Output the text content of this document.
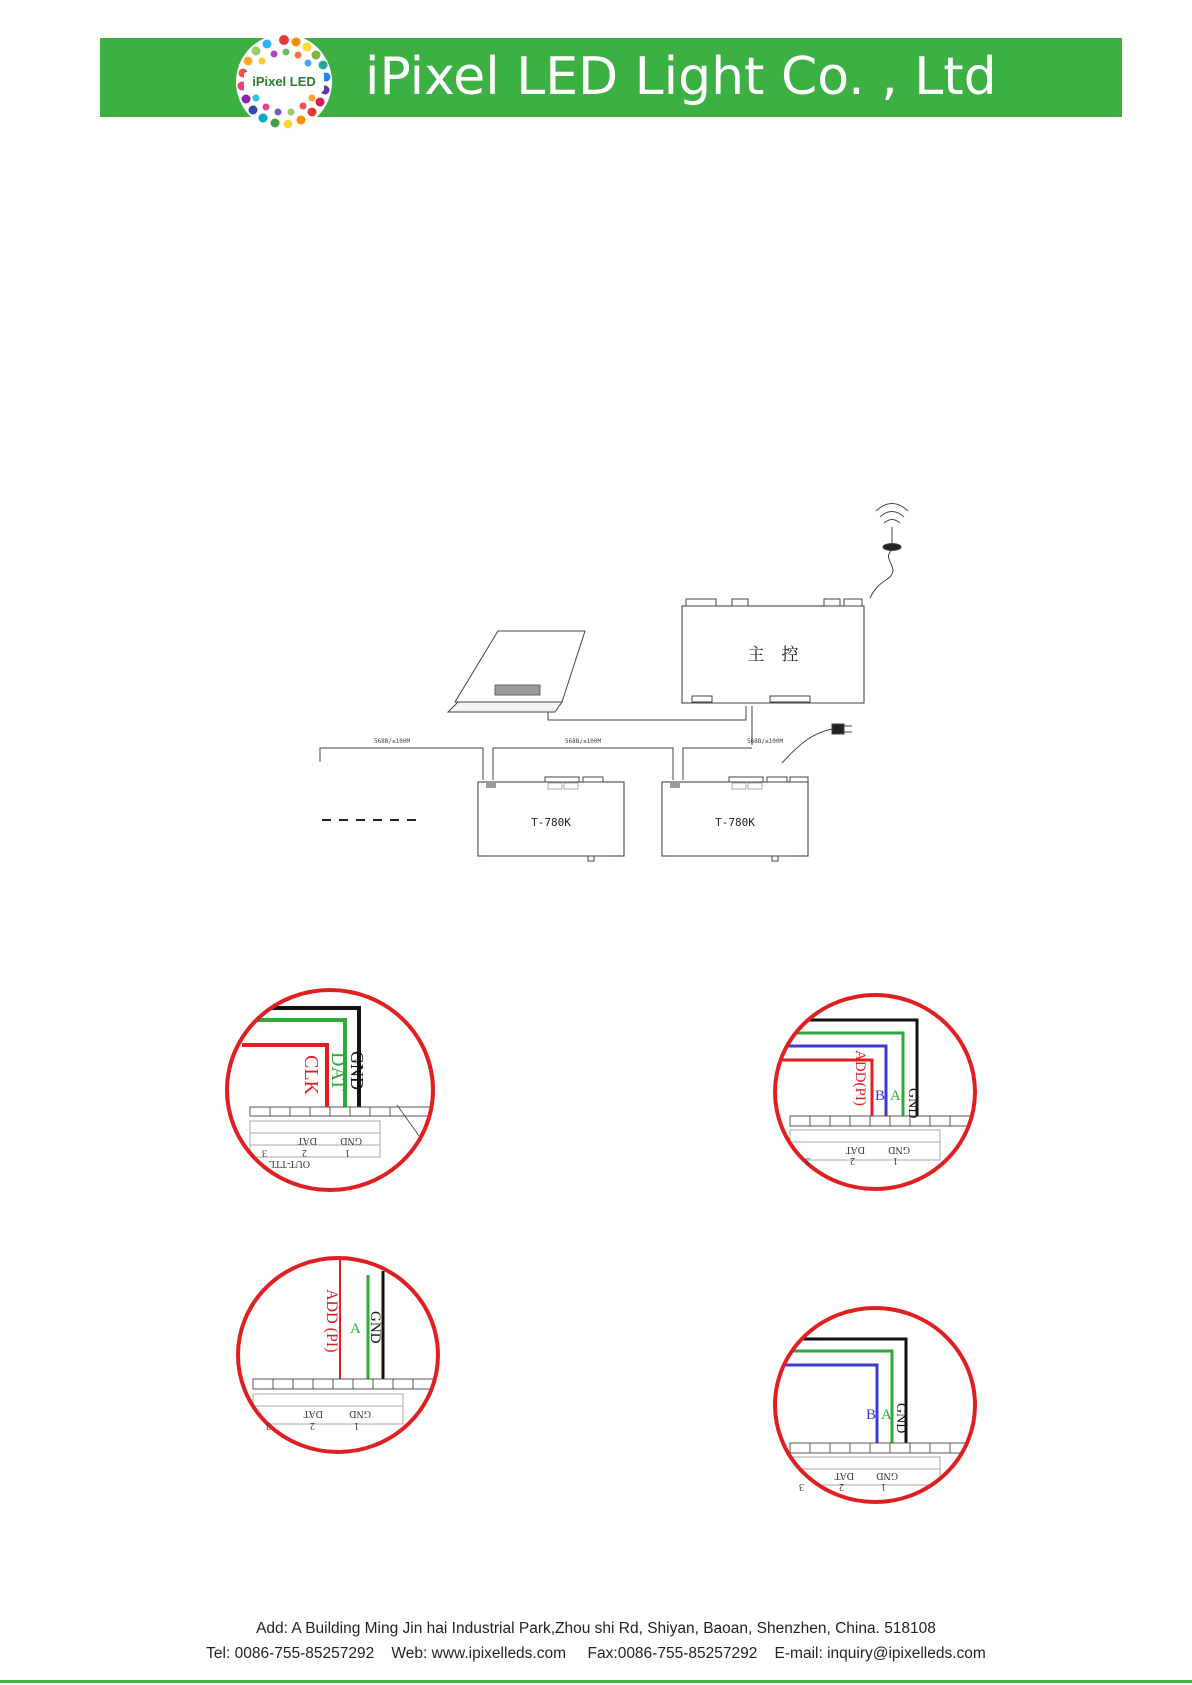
iPixel LED iPixel LED Light Co. , Ltd
主　控
T-780K	T-780K
568B/≤100M	568B/≤100M	568B/≤100M
CLK DAT
GND
GND
DAT
1
2
3
OUT-TTL
ADD(PI) B A GND
GND
DAT
1
2
3
ADD (PI) A GND
GND
DAT
1
2
3
B A GND
GND
DAT
1
2
3
Add: A Building Ming Jin hai Industrial Park,Zhou shi Rd, Shiyan, Baoan, Shenzhen, China. 518108
Tel: 0086-755-85257292    Web: www.ipixelleds.com     Fax:0086-755-85257292    E-mail: inquiry@ipixelleds.com
